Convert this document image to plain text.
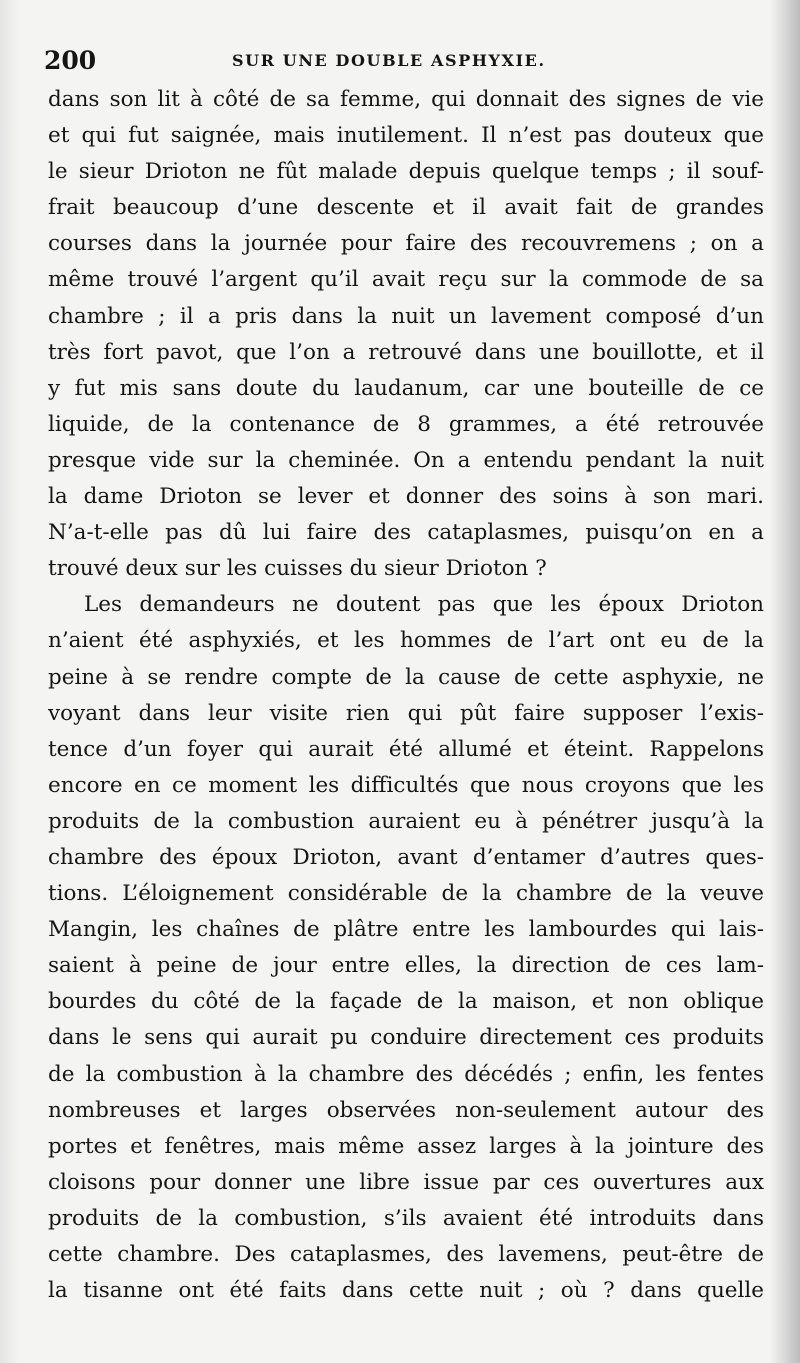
200	SUR UNE DOUBLE ASPHYXIE.
dans son lit à côté de sa femme, qui donnait des signes de vie
et qui fut saignée, mais inutilement. Il n’est pas douteux que
le sieur Drioton ne fût malade depuis quelque temps ; il souf-
frait beaucoup d’une descente et il avait fait de grandes
courses dans la journée pour faire des recouvremens ; on a
même trouvé l’argent qu’il avait reçu sur la commode de sa
chambre ; il a pris dans la nuit un lavement composé d’un
très fort pavot, que l’on a retrouvé dans une bouillotte, et il
y fut mis sans doute du laudanum, car une bouteille de ce
liquide, de la contenance de 8 grammes, a été retrouvée
presque vide sur la cheminée. On a entendu pendant la nuit
la dame Drioton se lever et donner des soins à son mari.
N’a-t-elle pas dû lui faire des cataplasmes, puisqu’on en a
trouvé deux sur les cuisses du sieur Drioton ?
Les demandeurs ne doutent pas que les époux Drioton
n’aient été asphyxiés, et les hommes de l’art ont eu de la
peine à se rendre compte de la cause de cette asphyxie, ne
voyant dans leur visite rien qui pût faire supposer l’exis-
tence d’un foyer qui aurait été allumé et éteint. Rappelons
encore en ce moment les difficultés que nous croyons que les
produits de la combustion auraient eu à pénétrer jusqu’à la
chambre des époux Drioton, avant d’entamer d’autres ques-
tions. L’éloignement considérable de la chambre de la veuve
Mangin, les chaînes de plâtre entre les lambourdes qui lais-
saient à peine de jour entre elles, la direction de ces lam-
bourdes du côté de la façade de la maison, et non oblique
dans le sens qui aurait pu conduire directement ces produits
de la combustion à la chambre des décédés ; enfin, les fentes
nombreuses et larges observées non-seulement autour des
portes et fenêtres, mais même assez larges à la jointure des
cloisons pour donner une libre issue par ces ouvertures aux
produits de la combustion, s’ils avaient été introduits dans
cette chambre. Des cataplasmes, des lavemens, peut-être de
la tisanne ont été faits dans cette nuit ; où ? dans quelle
